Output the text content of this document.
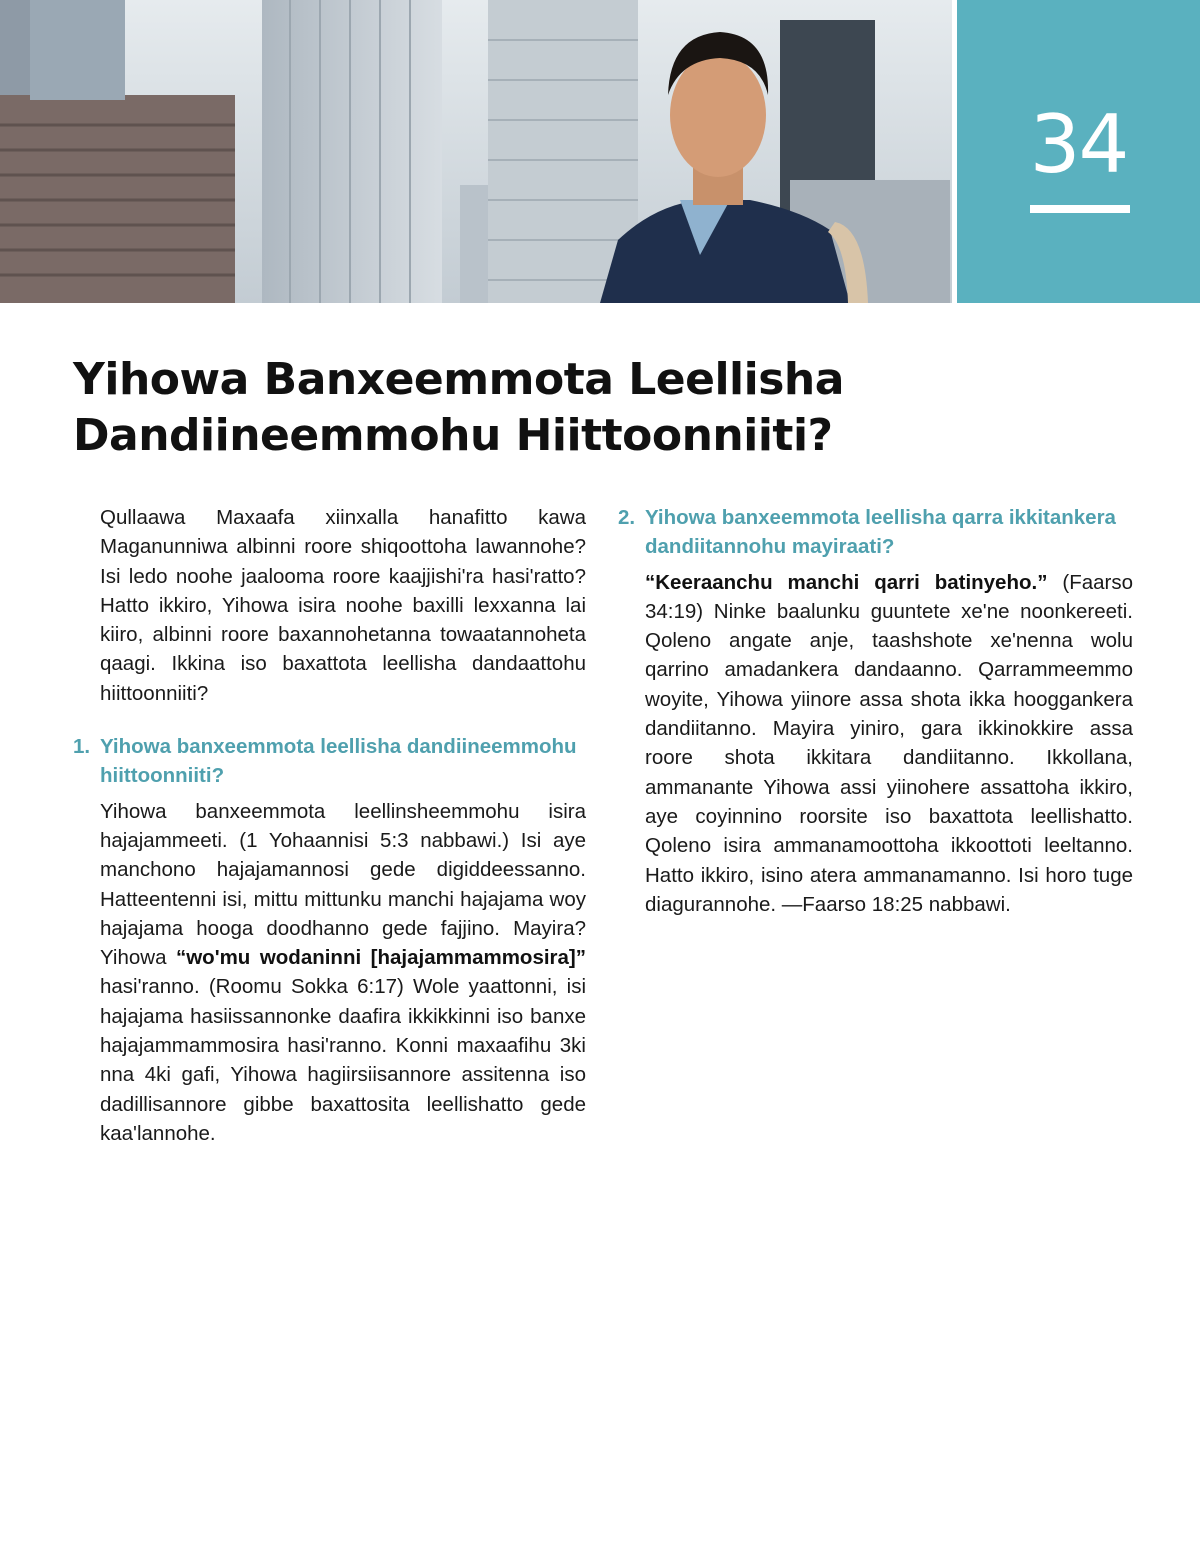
34
Yihowa Banxeemmota Leellisha
Dandiineemmohu Hiittoonniiti?

Qullaawa Maxaafa xiinxalla hanafitto kawa Maganunniwa albinni roore shiqoottoha lawannohe? Isi ledo noohe jaalooma roore kaajjishi'ra hasi'ratto? Hatto ikkiro, Yihowa isira noohe baxilli lexxanna lai kiiro, albinni roore baxannohetanna towaatannoheta qaagi. Ikkina iso baxattota leellisha dandaattohu hiittoonniiti?

1. Yihowa banxeemmota leellisha dandiineemmohu hiittoonniiti?

Yihowa banxeemmota leellinsheemmohu isira hajajammeeti. (1 Yohaannisi 5:3 nabbawi.) Isi aye manchono hajajamannosi gede digiddeessanno. Hatteentenni isi, mittu mittunku manchi hajajama woy hajajama hooga doodhanno gede fajjino. Mayira? Yihowa “wo'mu wodaninni [hajajammammosira]” hasi'ranno. (Roomu Sokka 6:17) Wole yaattonni, isi hajajama hasiissannonke daafira ikkikkinni iso banxe hajajammammosira hasi'ranno. Konni maxaafihu 3ki nna 4ki gafi, Yihowa hagiirsiisannore assitenna iso dadillisannore gibbe baxattosita leellishatto gede kaa'lannohe.

2. Yihowa banxeemmota leellisha qarra ikkitankera dandiitannohu mayiraati?

“Keeraanchu manchi qarri batinyeho.” (Faarso 34:19) Ninke baalunku guuntete xe'ne noonkereeti. Qoleno angate anje, taashshote xe'nenna wolu qarrino amadankera dandaanno. Qarrammeemmo woyite, Yihowa yiinore assa shota ikka hooggankera dandiitanno. Mayira yiniro, gara ikkinokkire assa roore shota ikkitara dandiitanno. Ikkollana, ammanante Yihowa assi yiinohere assattoha ikkiro, aye coyinnino roorsite iso baxattota leellishatto. Qoleno isira ammanamoottoha ikkoottoti leeltanno. Hatto ikkiro, isino atera ammanamanno. Isi horo tuge diagurannohe. —Faarso 18:25 nabbawi.
